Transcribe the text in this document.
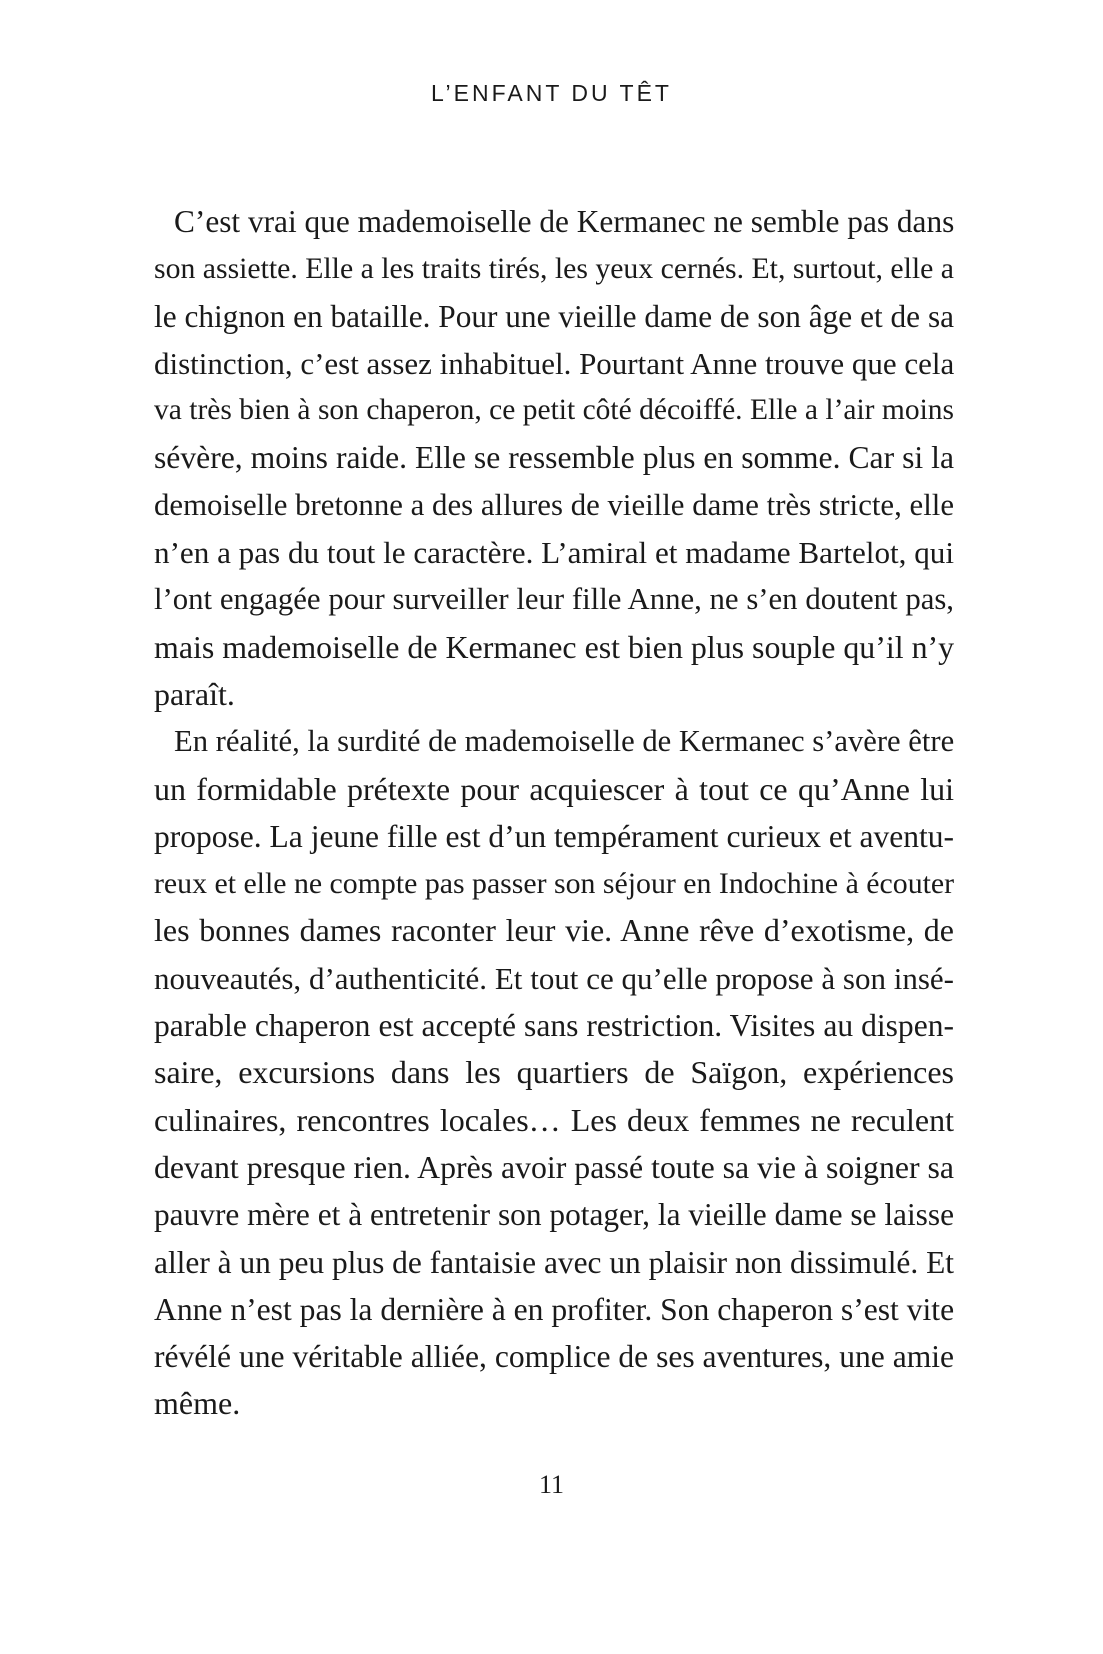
L’ENFANT DU TÊT
C’est vrai que mademoiselle de Kermanec ne semble pas dans
son assiette. Elle a les traits tirés, les yeux cernés. Et, surtout, elle a
le chignon en bataille. Pour une vieille dame de son âge et de sa
distinction, c’est assez inhabituel. Pourtant Anne trouve que cela
va très bien à son chaperon, ce petit côté décoiffé. Elle a l’air moins
sévère, moins raide. Elle se ressemble plus en somme. Car si la
demoiselle bretonne a des allures de vieille dame très stricte, elle
n’en a pas du tout le caractère. L’amiral et madame Bartelot, qui
l’ont engagée pour surveiller leur fille Anne, ne s’en doutent pas,
mais mademoiselle de Kermanec est bien plus souple qu’il n’y
paraît.
En réalité, la surdité de mademoiselle de Kermanec s’avère être
un formidable prétexte pour acquiescer à tout ce qu’Anne lui
propose. La jeune fille est d’un tempérament curieux et aventu-
reux et elle ne compte pas passer son séjour en Indochine à écouter
les bonnes dames raconter leur vie. Anne rêve d’exotisme, de
nouveautés, d’authenticité. Et tout ce qu’elle propose à son insé-
parable chaperon est accepté sans restriction. Visites au dispen-
saire, excursions dans les quartiers de Saïgon, expériences
culinaires, rencontres locales… Les deux femmes ne reculent
devant presque rien. Après avoir passé toute sa vie à soigner sa
pauvre mère et à entretenir son potager, la vieille dame se laisse
aller à un peu plus de fantaisie avec un plaisir non dissimulé. Et
Anne n’est pas la dernière à en profiter. Son chaperon s’est vite
révélé une véritable alliée, complice de ses aventures, une amie
même.
11
